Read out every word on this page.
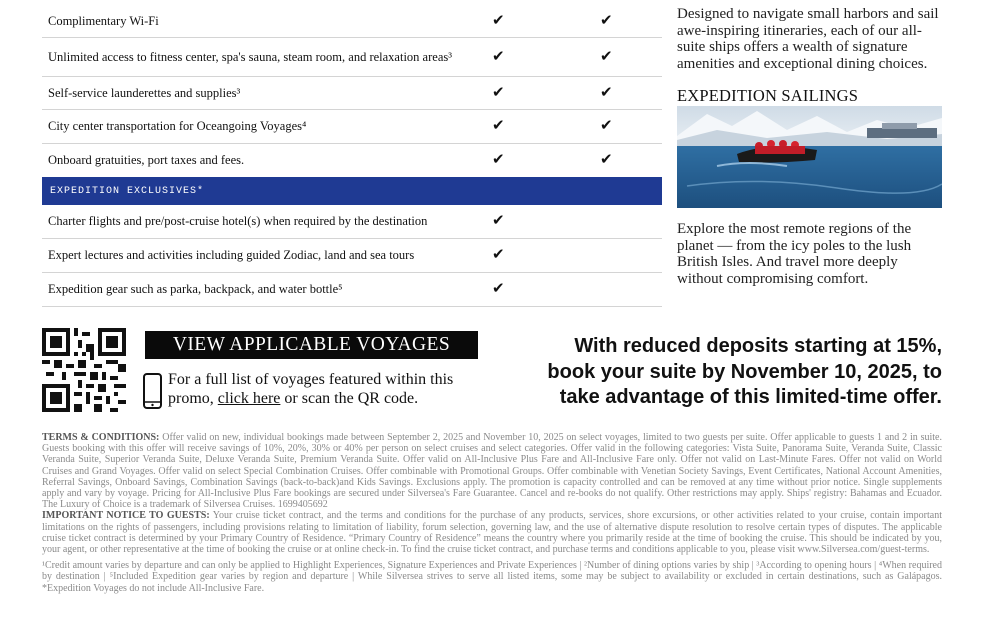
Complimentary Wi-Fi	✔	✔
Unlimited access to fitness center, spa's sauna, steam room, and relaxation areas³	✔	✔
Self-service launderettes and supplies³	✔	✔
City center transportation for Oceangoing Voyages⁴	✔	✔
Onboard gratuities, port taxes and fees.	✔	✔
EXPEDITION EXCLUSIVES*
Charter flights and pre/post-cruise hotel(s) when required by the destination	✔
Expert lectures and activities including guided Zodiac, land and sea tours	✔
Expedition gear such as parka, backpack, and water bottle⁵	✔

Designed to navigate small harbors and sail awe-inspiring itineraries, each of our all-suite ships offers a wealth of signature amenities and exceptional dining choices.

EXPEDITION SAILINGS
Explore the most remote regions of the planet — from the icy poles to the lush British Isles. And travel more deeply without compromising comfort.
VIEW APPLICABLE VOYAGES
For a full list of voyages featured within this promo, click here or scan the QR code.
With reduced deposits starting at 15%,
book your suite by November 10, 2025, to
take advantage of this limited-time offer.

TERMS & CONDITIONS: Offer valid on new, individual bookings made between September 2, 2025 and November 10, 2025 on select voyages, limited to two guests per suite. Offer applicable to guests 1 and 2 in suite. Guests booking with this offer will receive savings of 10%, 20%, 30% or 40% per person on select cruises and select categories. Offer valid in the following categories: Vista Suite, Panorama Suite, Veranda Suite, Classic Veranda Suite, Superior Veranda Suite, Deluxe Veranda Suite, Premium Veranda Suite. Offer valid on All-Inclusive Plus Fare and All-Inclusive Fare only. Offer not valid on Last-Minute Fares. Offer not valid on World Cruises and Grand Voyages. Offer valid on select Special Combination Cruises. Offer combinable with Promotional Groups. Offer combinable with Venetian Society Savings, Event Certificates, National Account Amenities, Referral Savings, Onboard Savings, Combination Savings (back-to-back)and Kids Savings. Exclusions apply. The promotion is capacity controlled and can be removed at any time without prior notice. Single supplements apply and vary by voyage. Pricing for All-Inclusive Plus Fare bookings are secured under Silversea's Fare Guarantee. Cancel and re-books do not qualify. Other restrictions may apply. Ships' registry: Bahamas and Ecuador. The Luxury of Choice is a trademark of Silversea Cruises. 1699405692

IMPORTANT NOTICE TO GUESTS: Your cruise ticket contract, and the terms and conditions for the purchase of any products, services, shore excursions, or other activities related to your cruise, contain important limitations on the rights of passengers, including provisions relating to limitation of liability, forum selection, governing law, and the use of alternative dispute resolution to resolve certain types of disputes. The applicable cruise ticket contract is determined by your Primary Country of Residence. “Primary Country of Residence” means the country where you primarily reside at the time of booking the cruise. This should be indicated by you, your agent, or other representative at the time of booking the cruise or at online check-in. To find the cruise ticket contract, and purchase terms and conditions applicable to you, please visit www.Silversea.com/guest-terms.

¹Credit amount varies by departure and can only be applied to Highlight Experiences, Signature Experiences and Private Experiences | ²Number of dining options varies by ship | ³According to opening hours | ⁴When required by destination | ⁵Included Expedition gear varies by region and departure | While Silversea strives to serve all listed items, some may be subject to availability or excluded in certain destinations, such as Galápagos. *Expedition Voyages do not include All-Inclusive Fare.
